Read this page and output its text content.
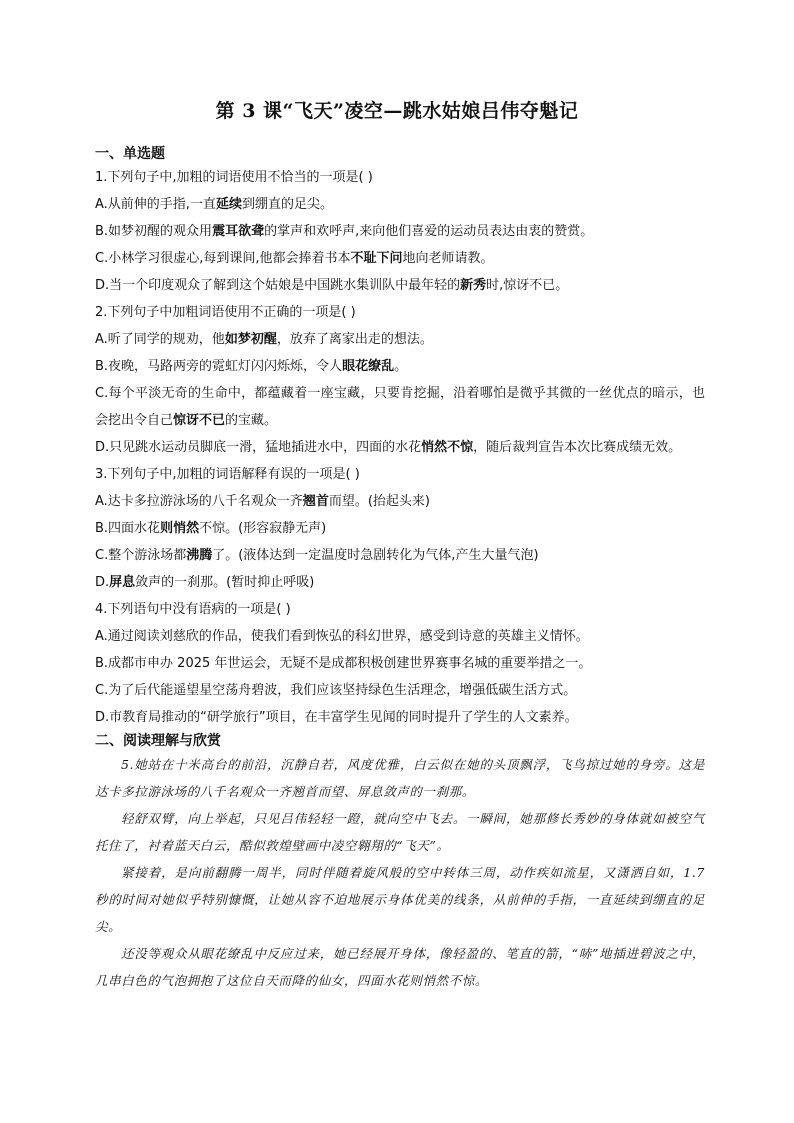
第 3 课“飞天”凌空—跳水姑娘吕伟夺魁记
一、单选题
1.下列句子中,加粗的词语使用不恰当的一项是( )
A.从前伸的手指,一直延续到绷直的足尖。
B.如梦初醒的观众用震耳欲聋的掌声和欢呼声,来向他们喜爱的运动员表达由衷的赞赏。
C.小林学习很虚心,每到课间,他都会捧着书本不耻下问地向老师请教。
D.当一个印度观众了解到这个姑娘是中国跳水集训队中最年轻的新秀时,惊讶不已。
2.下列句子中加粗词语使用不正确的一项是( )
A.听了同学的规劝，他如梦初醒，放弃了离家出走的想法。
B.夜晚，马路两旁的霓虹灯闪闪烁烁，令人眼花缭乱。
C.每个平淡无奇的生命中，都蕴藏着一座宝藏，只要肯挖掘，沿着哪怕是微乎其微的一丝优点的暗示，也会挖出令自己惊讶不已的宝藏。
D.只见跳水运动员脚底一滑，猛地插进水中，四面的水花悄然不惊，随后裁判宣告本次比赛成绩无效。
3.下列句子中,加粗的词语解释有误的一项是( )
A.达卡多拉游泳场的八千名观众一齐翘首而望。(抬起头来)
B.四面水花则悄然不惊。(形容寂静无声)
C.整个游泳场都沸腾了。(液体达到一定温度时急剧转化为气体,产生大量气泡)
D.屏息敛声的一刹那。(暂时抑止呼吸)
4.下列语句中没有语病的一项是( )
A.通过阅读刘慈欣的作品，使我们看到恢弘的科幻世界，感受到诗意的英雄主义情怀。
B.成都市申办 2025 年世运会，无疑不是成都积极创建世界赛事名城的重要举措之一。
C.为了后代能遥望星空荡舟碧波，我们应该坚持绿色生活理念，增强低碳生活方式。
D.市教育局推动的“研学旅行”项目，在丰富学生见闻的同时提升了学生的人文素养。
二、阅读理解与欣赏

5.她站在十米高台的前沿，沉静自若，风度优雅，白云似在她的头顶飘浮，飞鸟掠过她的身旁。这是达卡多拉游泳场的八千名观众一齐翘首而望、屏息敛声的一刹那。

轻舒双臂，向上举起，只见吕伟轻轻一蹬，就向空中飞去。一瞬间，她那修长秀妙的身体就如被空气托住了，衬着蓝天白云，酷似敦煌壁画中凌空翱翔的“飞天”。

紧接着，是向前翻腾一周半，同时伴随着旋风般的空中转体三周，动作疾如流星，又潇洒自如，1.7 秒的时间对她似乎特别慷慨，让她从容不迫地展示身体优美的线条，从前伸的手指，一直延续到绷直的足尖。

还没等观众从眼花缭乱中反应过来，她已经展开身体，像轻盈的、笔直的箭，“哧”地插进碧波之中，几串白色的气泡拥抱了这位自天而降的仙女，四面水花则悄然不惊。
